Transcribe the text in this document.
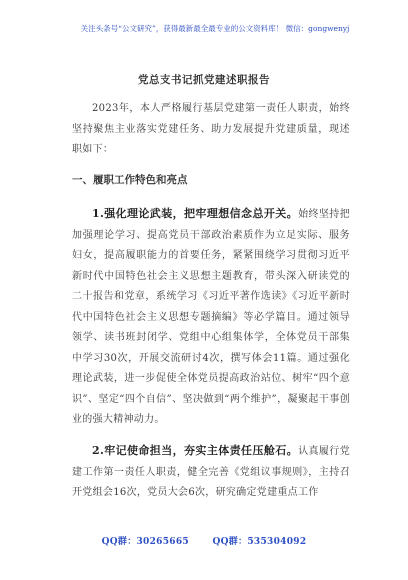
关注头条号“公文研究”，获得最新最全最专业的公文资料库！ 微信：gongwenyj
党总支书记抓党建述职报告
2023年，本人严格履行基层党建第一责任人职责，始终坚持聚焦主业落实党建任务、助力发展提升党建质量，现述职如下：
一、履职工作特色和亮点
1.强化理论武装，把牢理想信念总开关。始终坚持把加强理论学习、提高党员干部政治素质作为立足实际、服务妇女，提高履职能力的首要任务，紧紧围绕学习贯彻习近平新时代中国特色社会主义思想主题教育，带头深入研读党的二十报告和党章，系统学习《习近平著作选读》《习近平新时代中国特色社会主义思想专题摘编》等必学篇目。通过领导领学、读书班封闭学、党组中心组集体学，全体党员干部集中学习30次，开展交流研讨4次，撰写体会11篇。通过强化理论武装，进一步促使全体党员提高政治站位、树牢“四个意识”、坚定“四个自信”、坚决做到“两个维护”，凝聚起干事创业的强大精神动力。
2.牢记使命担当，夯实主体责任压舱石。认真履行党建工作第一责任人职责，健全完善《党组议事规则》，主持召开党组会16次，党员大会6次，研究确定党建重点工作
QQ群：30265665	QQ群：535304092
